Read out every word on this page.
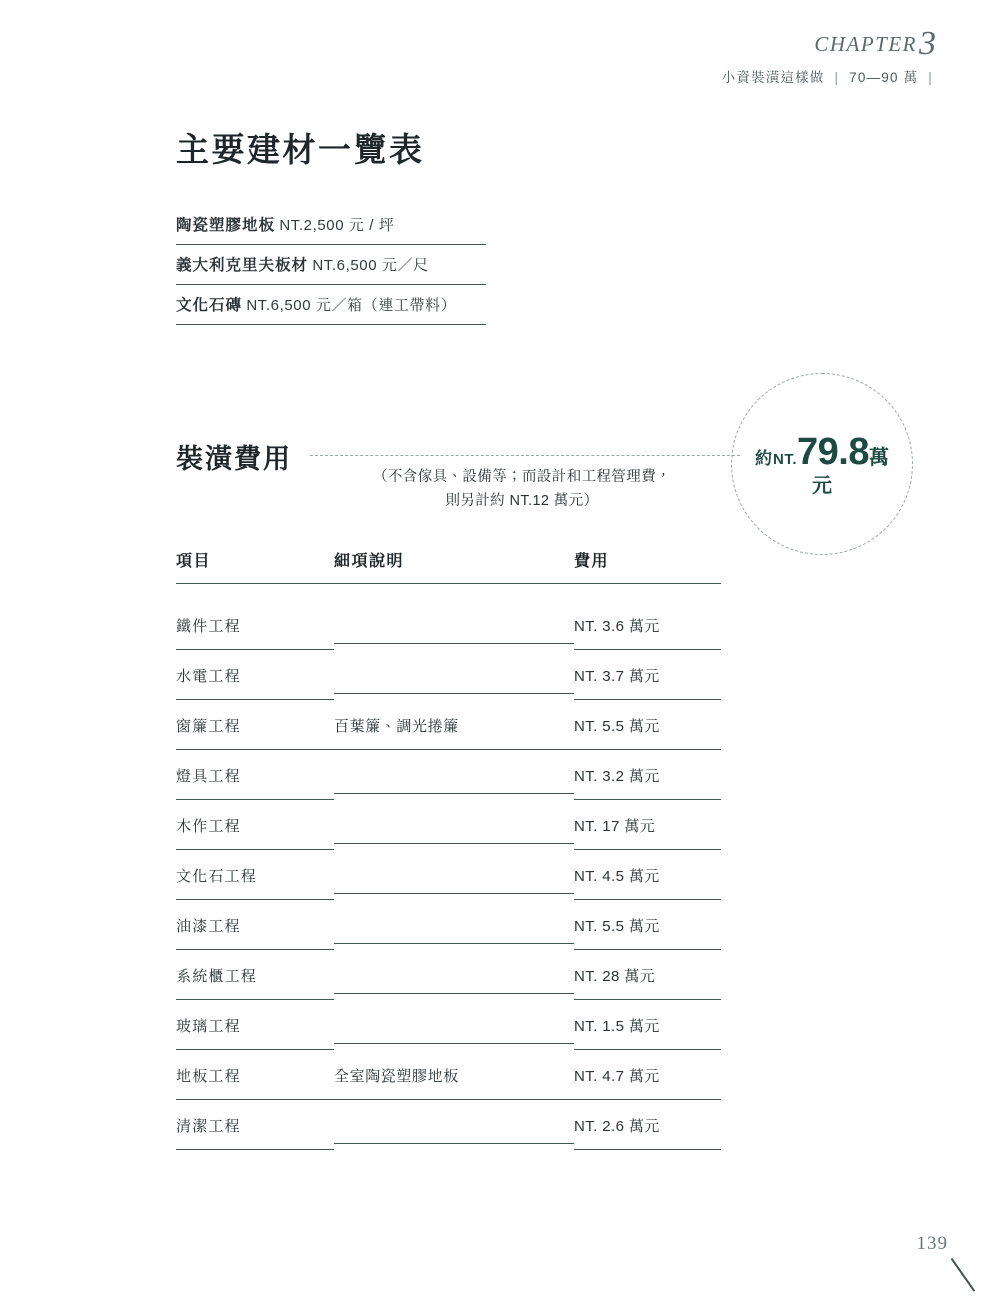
CHAPTER 3
小資裝潢這樣做 | 70—90 萬 |
主要建材一覽表
陶瓷塑膠地板 NT.2,500 元 / 坪
義大利克里夫板材 NT.6,500 元／尺
文化石磚 NT.6,500 元／箱（連工帶料）
裝潢費用
（不含傢具、設備等；而設計和工程管理費，
則另計約 NT.12 萬元）
約NT.79.8萬
元
項目	細項說明	費用

鐵件工程		NT. 3.6 萬元

水電工程		NT. 3.7 萬元

窗簾工程	百葉簾、調光捲簾	NT. 5.5 萬元

燈具工程		NT. 3.2 萬元

木作工程		NT. 17 萬元

文化石工程		NT. 4.5 萬元

油漆工程		NT. 5.5 萬元

系統櫃工程		NT. 28 萬元

玻璃工程		NT. 1.5 萬元

地板工程	全室陶瓷塑膠地板	NT. 4.7 萬元

清潔工程		NT. 2.6 萬元
139
